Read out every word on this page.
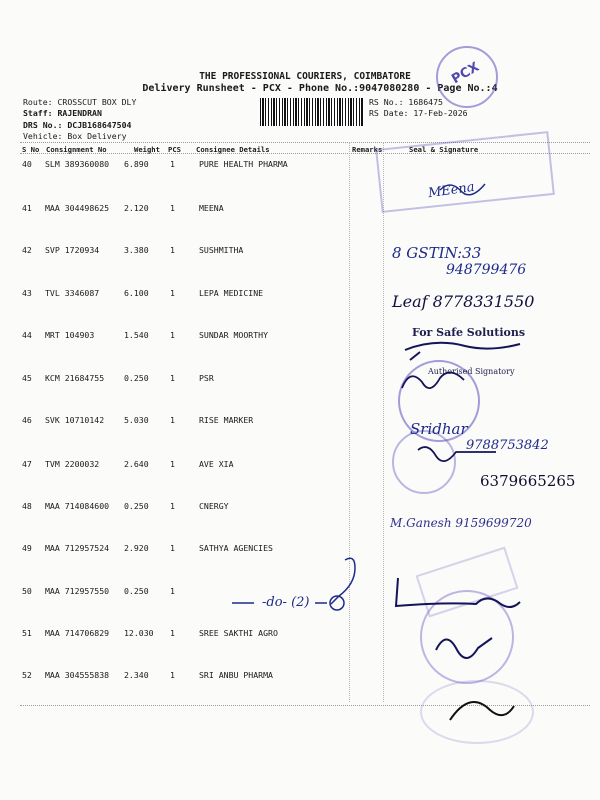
THE PROFESSIONAL COURIERS, COIMBATORE
Delivery Runsheet - PCX - Phone No.:9047080280 - Page No.:4
Route: CROSSCUT BOX DLY
Staff: RAJENDRAN
DRS No.: DCJB168647504
Vehicle: Box Delivery
RS No.: 1686475
RS Date: 17-Feb-2026
S No Consignment No	Weight PCS Consignee Details	Remarks	Seal & Signature
40 SLM 389360080 6.890	1	PURE HEALTH PHARMA
41 MAA 304498625 2.120	1	MEENA
42 SVP 1720934	3.380	1	SUSHMITHA
43 TVL 3346087	6.100	1	LEPA MEDICINE
44 MRT 104903	1.540	1	SUNDAR MOORTHY
45 KCM 21684755 0.250	1	PSR
46 SVK 10710142 5.030	1	RISE MARKER
47 TVM 2200032	2.640	1	AVE XIA
48 MAA 714084600 0.250	1	CNERGY
49 MAA 712957524 2.920	1	SATHYA AGENCIES
50 MAA 712957550 0.250	1
51 MAA 714706829 12.030 1	SREE SAKTHI AGRO
52 MAA 304555838 2.340	1	SRI ANBU PHARMA
PCX
MEena
8 GSTIN:33
948799476
Leaf 8778331550
For Safe Solutions
Authorised Signatory
Sridhar
9788753842
6379665265
M.Ganesh 9159699720
-do- (2)
